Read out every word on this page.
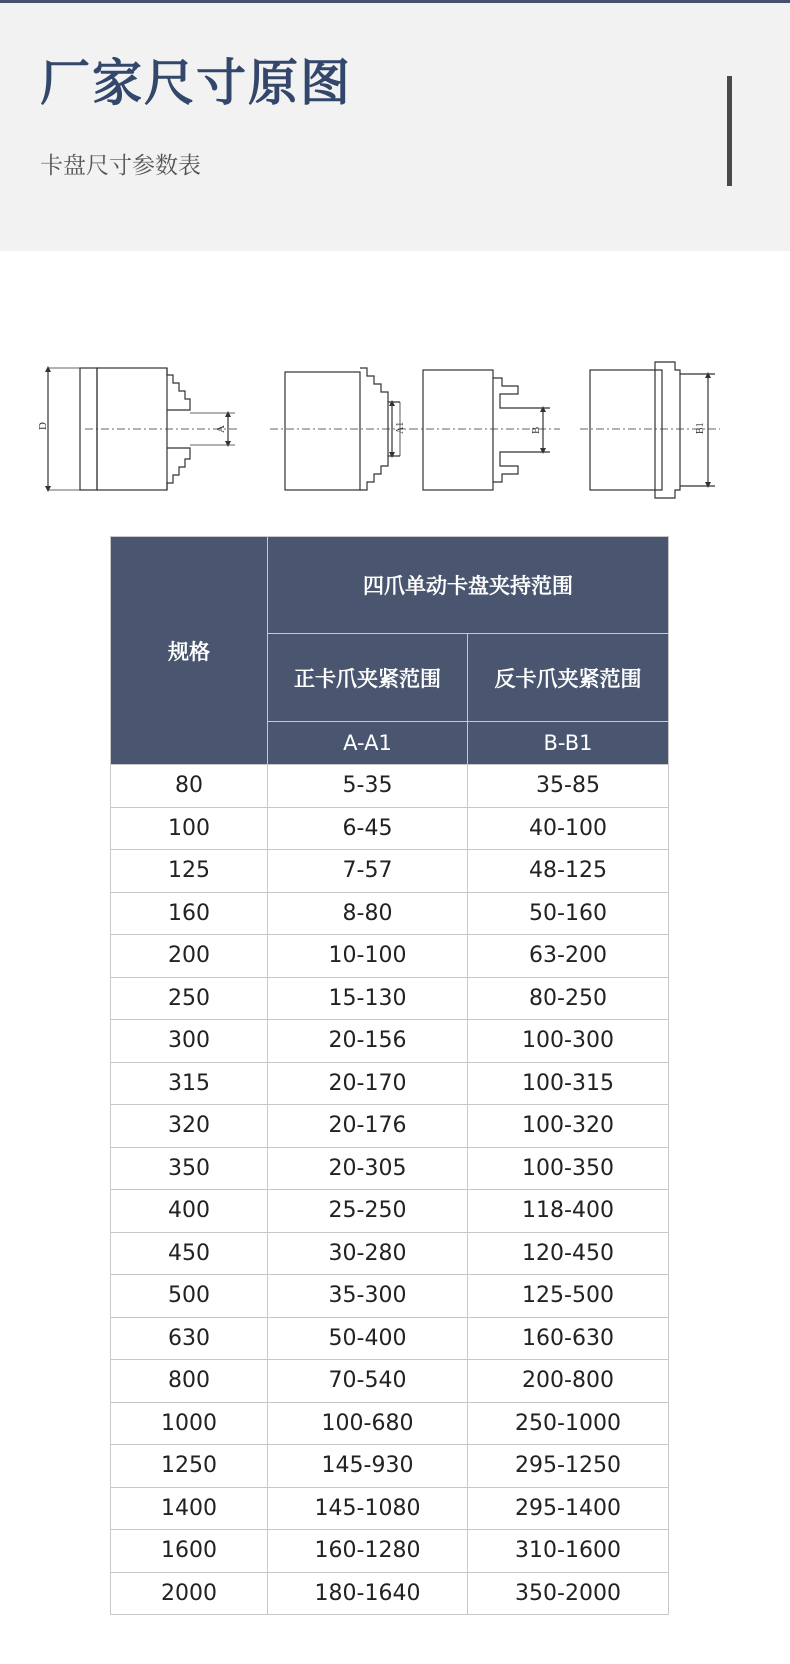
厂家尺寸原图

卡盘尺寸参数表

D	A	A1	B	B1
规格	四爪单动卡盘夹持范围	
	正卡爪夹紧范围	反卡爪夹紧范围
	A-A1	B-B1
80	5-35	35-85
100	6-45	40-100
125	7-57	48-125
160	8-80	50-160
200	10-100	63-200
250	15-130	80-250
300	20-156	100-300
315	20-170	100-315
320	20-176	100-320
350	20-305	100-350
400	25-250	118-400
450	30-280	120-450
500	35-300	125-500
630	50-400	160-630
800	70-540	200-800
1000	100-680	250-1000
1250	145-930	295-1250
1400	145-1080	295-1400
1600	160-1280	310-1600
2000	180-1640	350-2000
